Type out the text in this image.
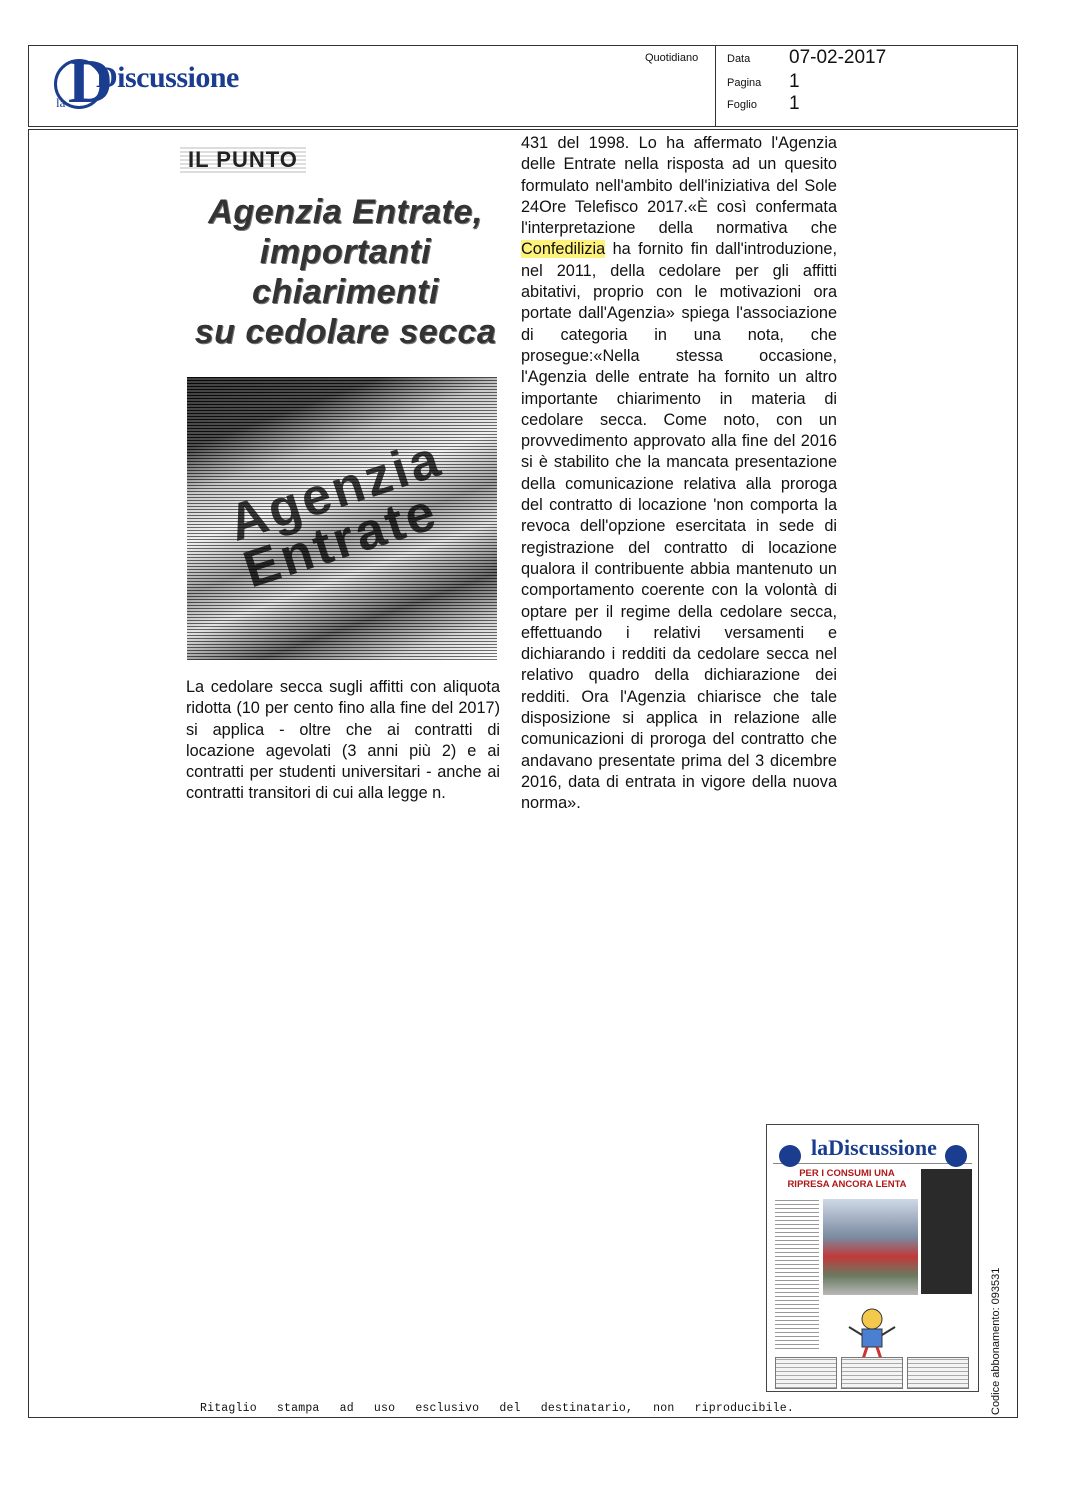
D
la
Discussione
Quotidiano	Data 07-02-2017
Pagina 1
Foglio 1
IL PUNTO
Agenzia Entrate,
importanti chiarimenti
su cedolare secca
Agenzia Entrate

La cedolare secca sugli affitti con aliquota ridotta (10 per cento fino alla fine del 2017) si applica - oltre che ai contratti di locazione agevolati (3 anni più 2) e ai contratti per studenti universitari - anche ai contratti transitori di cui alla legge n.

431 del 1998. Lo ha affermato l'Agenzia delle Entrate nella risposta ad un quesito formulato nell'ambito dell'iniziativa del Sole 24Ore Telefisco 2017.«È così confermata l'interpretazione della normativa che Confedilizia ha fornito fin dall'introduzione, nel 2011, della cedolare per gli affitti abitativi, proprio con le motivazioni ora portate dall'Agenzia» spiega l'associazione di categoria in una nota, che prosegue:«Nella stessa occasione, l'Agenzia delle entrate ha fornito un altro importante chiarimento in materia di cedolare secca. Come noto, con un provvedimento approvato alla fine del 2016 si è stabilito che la mancata presentazione della comunicazione relativa alla proroga del contratto di locazione 'non comporta la revoca dell'opzione esercitata in sede di registrazione del contratto di locazione qualora il contribuente abbia mantenuto un comportamento coerente con la volontà di optare per il regime della cedolare secca, effettuando i relativi versamenti e dichiarando i redditi da cedolare secca nel relativo quadro della dichiarazione dei redditi. Ora l'Agenzia chiarisce che tale disposizione si applica in relazione alle comunicazioni di proroga del contratto che andavano presentate prima del 3 dicembre 2016, data di entrata in vigore della nuova norma».

laDiscussione
PER I CONSUMI UNA RIPRESA ANCORA LENTA
Ritaglio stampa ad uso esclusivo del destinatario, non riproducibile.	Codice abbonamento: 093531
